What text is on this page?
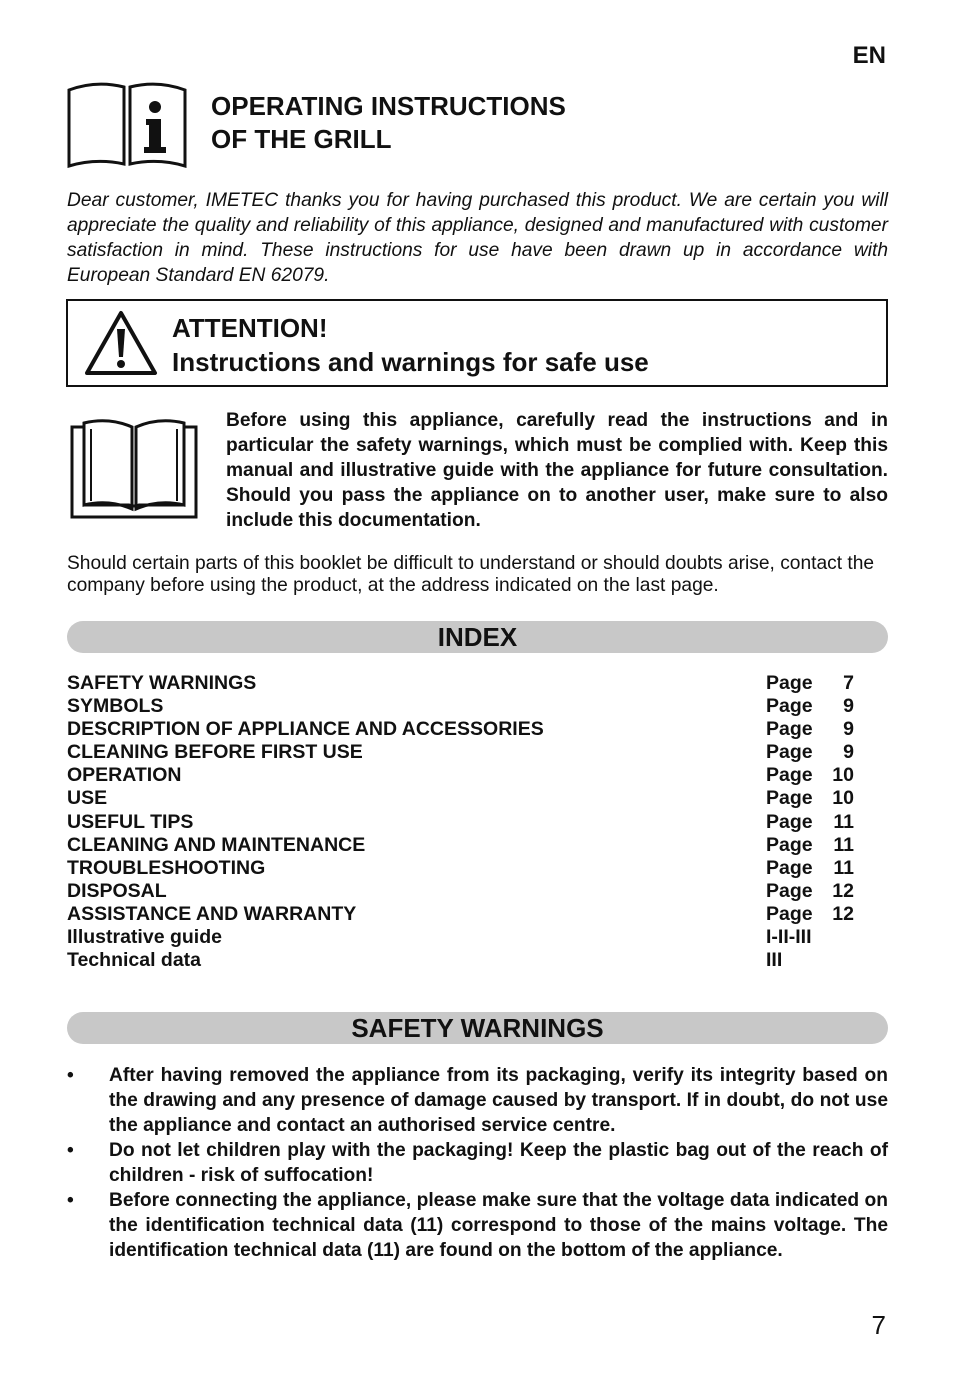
EN
OPERATING INSTRUCTIONS
OF THE GRILL

Dear customer, IMETEC thanks you for having purchased this product. We are certain you will appreciate the quality and reliability of this appliance, designed and manufactured with customer satisfaction in mind. These instructions for use have been drawn up in accordance with European Standard EN 62079.

ATTENTION!
Instructions and warnings for safe use

Before using this appliance, carefully read the instructions and in particular the safety warnings, which must be complied with. Keep this manual and illustrative guide with the appliance for future consultation. Should you pass the appliance on to another user, make sure to also include this documentation.

Should certain parts of this booklet be difficult to understand or should doubts arise, contact the company before using the product, at the address indicated on the last page.

INDEX
SAFETY WARNINGS	Page	7
SYMBOLS	Page	9
DESCRIPTION OF APPLIANCE AND ACCESSORIES	Page	9
CLEANING BEFORE FIRST USE	Page	9
OPERATION	Page	10
USE	Page	10
USEFUL TIPS	Page	11
CLEANING AND MAINTENANCE	Page	11
TROUBLESHOOTING	Page	11
DISPOSAL	Page	12
ASSISTANCE AND WARRANTY	Page	12
Illustrative guide	I-II-III
Technical data	III
SAFETY WARNINGS
• After having removed the appliance from its packaging, verify its integrity based on the drawing and any presence of damage caused by transport. If in doubt, do not use the appliance and contact an authorised service centre.
• Do not let children play with the packaging! Keep the plastic bag out of the reach of children - risk of suffocation!
• Before connecting the appliance, please make sure that the voltage data indicated on the identification technical data (11) correspond to those of the mains voltage. The identification technical data (11) are found on the bottom of the appliance.
7
